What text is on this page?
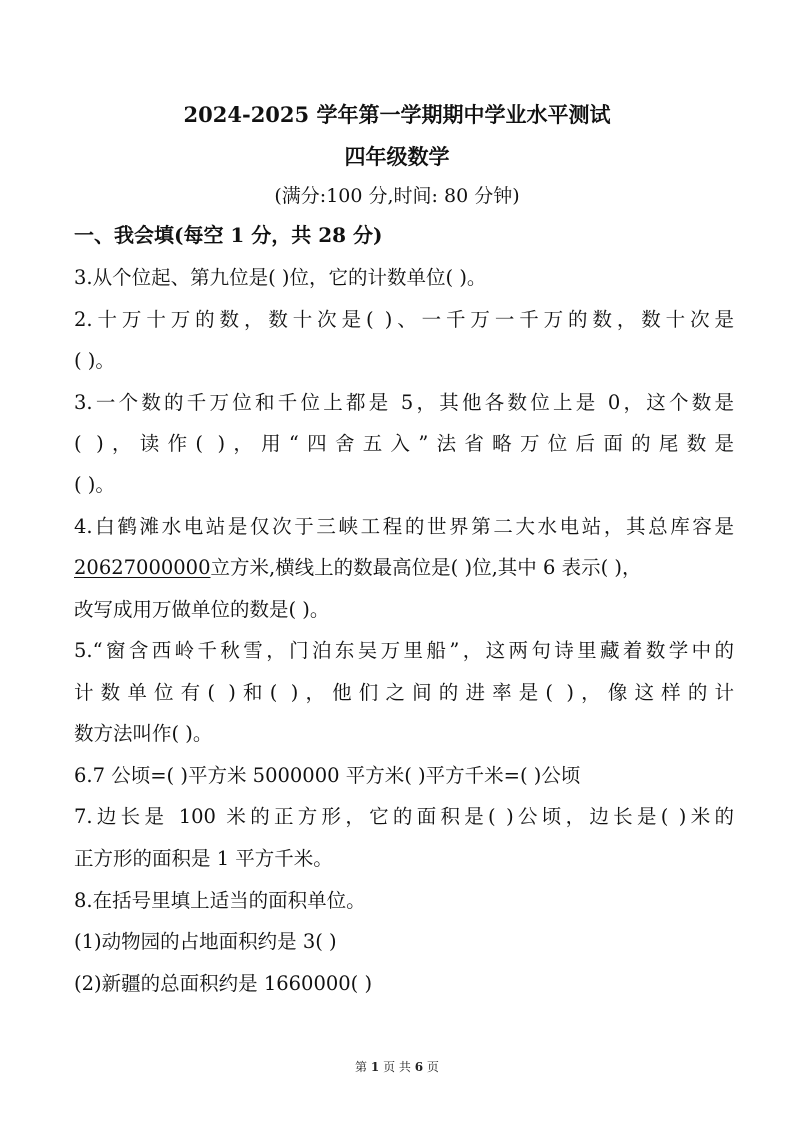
2024-2025 学年第一学期期中学业水平测试
四年级数学
(满分:100 分,时间: 80 分钟)
一、我会填(每空 1 分，共 28 分)
3.从个位起、第九位是( )位，它的计数单位( )。
2.十万十万的数，数十次是( )、一千万一千万的数，数十次是
( )。
3.一个数的千万位和千位上都是 5，其他各数位上是 0，这个数是
( )，读作( )，用“四舍五入”法省略万位后面的尾数是
( )。
4.白鹤滩水电站是仅次于三峡工程的世界第二大水电站，其总库容是
20627000000立方米,横线上的数最高位是( )位,其中 6 表示( )，
改写成用万做单位的数是( )。
5.“窗含西岭千秋雪，门泊东吴万里船”，这两句诗里藏着数学中的
计数单位有( )和( )，他们之间的进率是( )，像这样的计
数方法叫作( )。
6.7 公顷=( )平方米 5000000 平方米( )平方千米=( )公顷
7.边长是 100 米的正方形，它的面积是( )公顷，边长是( )米的
正方形的面积是 1 平方千米。
8.在括号里填上适当的面积单位。
(1)动物园的占地面积约是 3( )
(2)新疆的总面积约是 1660000( )
第 1 页 共 6 页
